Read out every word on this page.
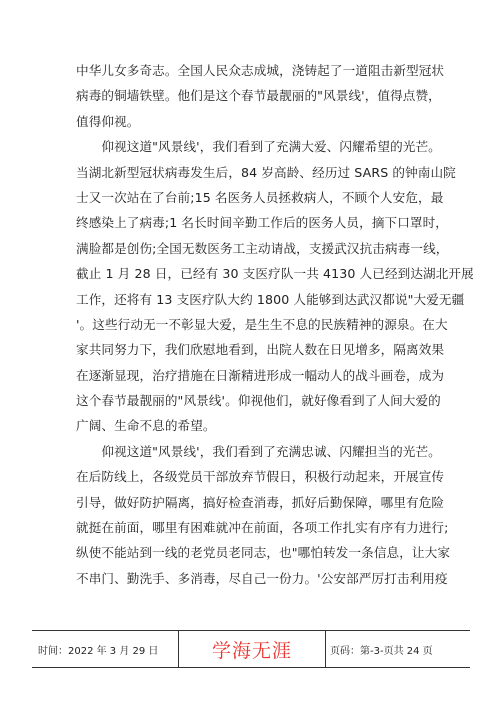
中华儿女多奇志。全国人民众志成城，浇铸起了一道阻击新型冠状
病毒的铜墙铁壁。他们是这个春节最靓丽的"风景线'，值得点赞，
值得仰视。
　　仰视这道"风景线'，我们看到了充满大爱、闪耀希望的光芒。
当湖北新型冠状病毒发生后，84 岁高龄、经历过 SARS 的钟南山院
士又一次站在了台前;15 名医务人员拯救病人，不顾个人安危，最
终感染上了病毒;1 名长时间辛勤工作后的医务人员，摘下口罩时，
满脸都是创伤;全国无数医务工主动请战，支援武汉抗击病毒一线，
截止 1 月 28 日，已经有 30 支医疗队一共 4130 人已经到达湖北开展
工作，还将有 13 支医疗队大约 1800 人能够到达武汉都说"大爱无疆
'。这些行动无一不彰显大爱，是生生不息的民族精神的源泉。在大
家共同努力下，我们欣慰地看到，出院人数在日见增多，隔离效果
在逐渐显现，治疗措施在日渐精进形成一幅动人的战斗画卷，成为
这个春节最靓丽的"风景线'。仰视他们，就好像看到了人间大爱的
广阔、生命不息的希望。
　　仰视这道"风景线'，我们看到了充满忠诚、闪耀担当的光芒。
在后防线上，各级党员干部放弃节假日，积极行动起来，开展宣传
引导，做好防护隔离，搞好检查消毒，抓好后勤保障，哪里有危险
就挺在前面，哪里有困难就冲在前面，各项工作扎实有序有力进行;
纵使不能站到一线的老党员老同志，也"哪怕转发一条信息，让大家
不串门、勤洗手、多消毒，尽自己一份力。'公安部严厉打击利用疫
时间：2022 年 3 月 29 日	学海无涯	页码：第-3-页共 24 页
